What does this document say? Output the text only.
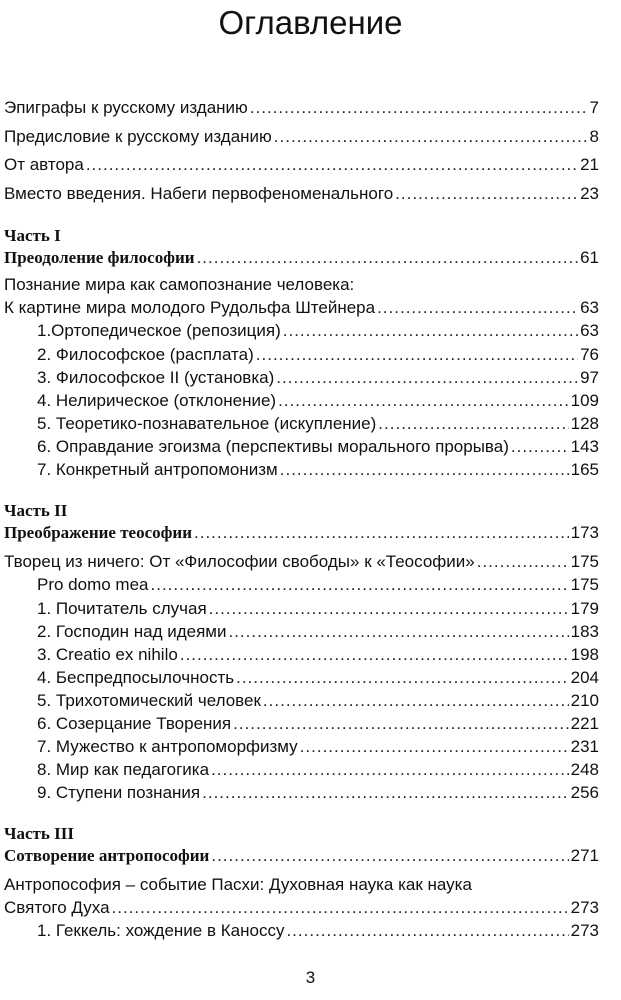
Оглавление
Эпиграфы к русскому изданию .....	7
Предисловие к русскому изданию .....	8
От автора .....	21
Вместо введения. Набеги первофеноменального .....	23
Часть I
Преодоление философии .....	61
Познание мира как самопознание человека:
К картине мира молодого Рудольфа Штейнера .....	63
1.Ортопедическое (репозиция) .....	63
2. Философское (расплата) .....	76
3. Философское II (установка) .....	97
4. Нелирическое (отклонение) .....	109
5. Теоретико-познавательное (искупление) .....	128
6. Оправдание эгоизма (перспективы морального прорыва) .....	143
7. Конкретный антропомонизм .....	165
Часть II
Преображение теософии .....	173
Творец из ничего: От «Философии свободы» к «Теософии» .....	175
Pro domo mea .....	175
1. Почитатель случая .....	179
2. Господин над идеями .....	183
3. Creatio ex nihilo .....	198
4. Беспредпосылочность .....	204
5. Трихотомический человек .....	210
6. Созерцание Творения .....	221
7. Мужество к антропоморфизму .....	231
8. Мир как педагогика .....	248
9. Ступени познания .....	256
Часть III
Сотворение антропософии .....	271
Антропософия – событие Пасхи: Духовная наука как наука
Святого Духа .....	273
1. Геккель: хождение в Каноссу .....	273
3
